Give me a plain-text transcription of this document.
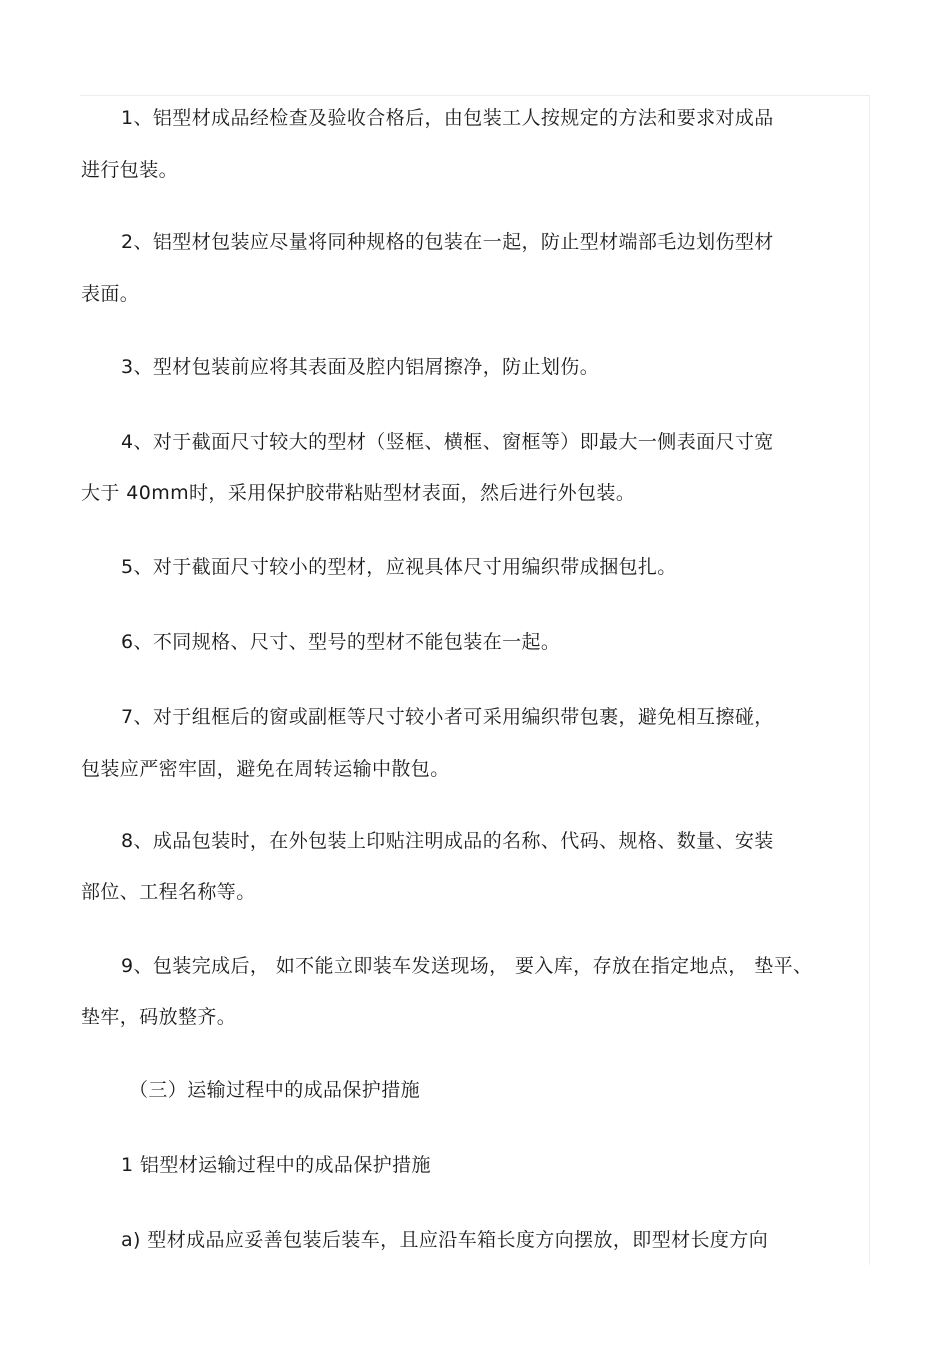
1、铝型材成品经检查及验收合格后，由包装工人按规定的方法和要求对成品
进行包装。
2、铝型材包装应尽量将同种规格的包装在一起，防止型材端部毛边划伤型材
表面。
3、型材包装前应将其表面及腔内铝屑擦净，防止划伤。
4、对于截面尺寸较大的型材（竖框、横框、窗框等）即最大一侧表面尺寸宽
大于 40mm时，采用保护胶带粘贴型材表面，然后进行外包装。
5、对于截面尺寸较小的型材，应视具体尺寸用编织带成捆包扎。
6、不同规格、尺寸、型号的型材不能包装在一起。
7、对于组框后的窗或副框等尺寸较小者可采用编织带包裹，避免相互擦碰，
包装应严密牢固，避免在周转运输中散包。
8、成品包装时，在外包装上印贴注明成品的名称、代码、规格、数量、安装
部位、工程名称等。
9、包装完成后， 如不能立即装车发送现场， 要入库，存放在指定地点， 垫平、
垫牢，码放整齐。
（三）运输过程中的成品保护措施
1 铝型材运输过程中的成品保护措施
a) 型材成品应妥善包装后装车，且应沿车箱长度方向摆放，即型材长度方向
